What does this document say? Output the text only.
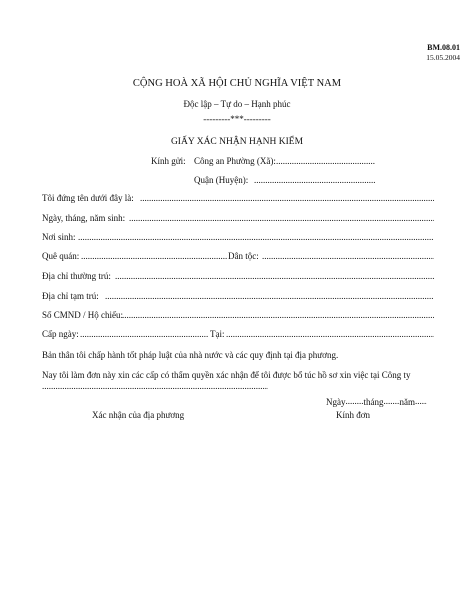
BM.08.01
15.05.2004
CỘNG HOÀ XÃ HỘI CHỦ NGHĨA VIỆT NAM
Độc lập – Tự do – Hạnh phúc
---------***---------
GIẤY XÁC NHẬN HẠNH KIỂM
Kính gửi: Công an Phường (Xã):
.....
Quận (Huyện):
.....
Tôi đứng tên dưới đây là:
.....
Ngày, tháng, năm sinh:
.....
Nơi sinh:
.....
Quê quán: .....	Dân tộc:
.....
Địa chỉ thường trú:
.....
Địa chỉ tạm trú:
.....
Số CMND / Hộ chiếu:
.....
Cấp ngày: .....	Tại:
.....
Bản thân tôi chấp hành tốt pháp luật của nhà nước và các quy định tại địa phương.
Nay tôi làm đơn này xin các cấp có thẩm quyền xác nhận để tôi được bổ túc hồ sơ xin việc tại Công ty
.....
Ngày ..... tháng ..... năm.....
Xác nhận của địa phương	Kính đơn
